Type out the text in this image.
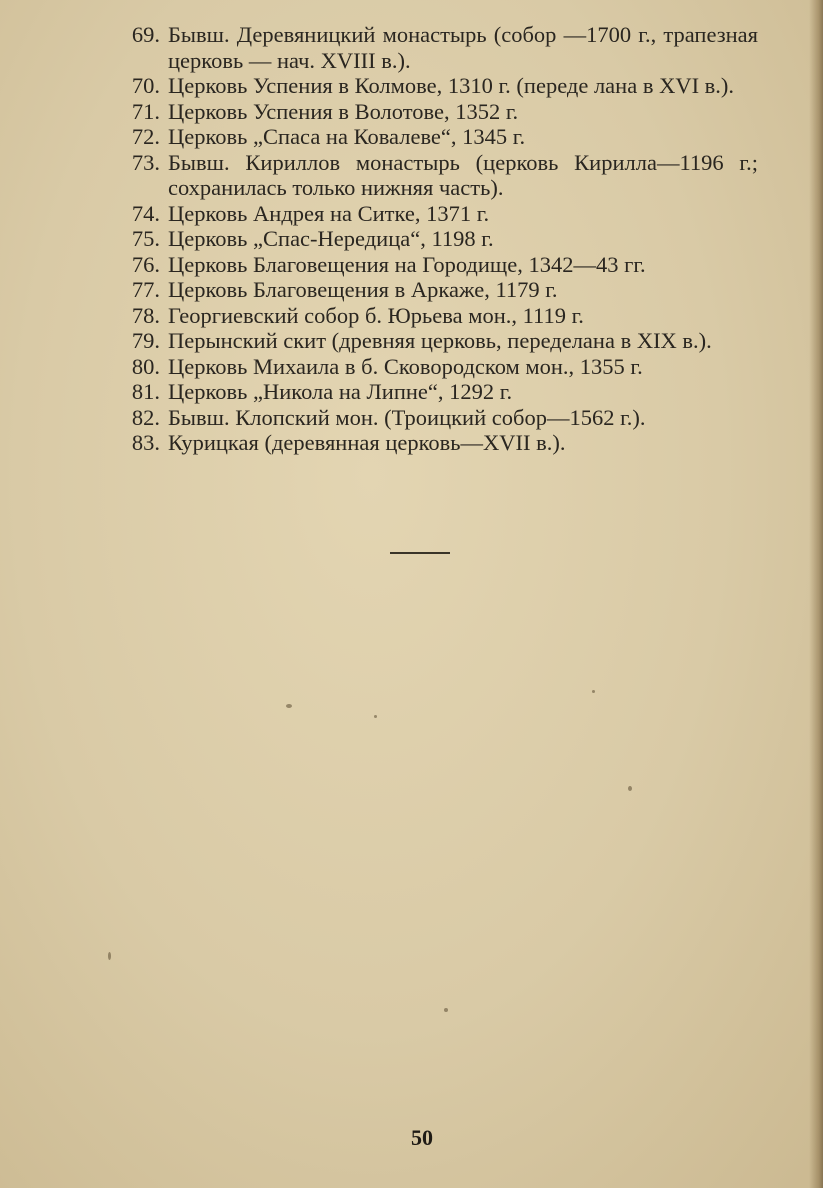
69. Бывш. Деревяницкий монастырь (собор —1700 г., трапезная церковь — нач. XVIII в.).
70. Церковь Успения в Колмове, 1310 г. (переде лана в XVI в.).
71. Церковь Успения в Волотове, 1352 г.
72. Церковь „Спаса на Ковалеве“, 1345 г.
73. Бывш. Кириллов монастырь (церковь Кирилла—1196 г.; сохранилась только нижняя часть).
74. Церковь Андрея на Ситке, 1371 г.
75. Церковь „Спас-Нередица“, 1198 г.
76. Церковь Благовещения на Городище, 1342—43 гг.
77. Церковь Благовещения в Аркаже, 1179 г.
78. Георгиевский собор б. Юрьева мон., 1119 г.
79. Перынский скит (древняя церковь, переделана в XIX в.).
80. Церковь Михаила в б. Сковородском мон., 1355 г.
81. Церковь „Никола на Липне“, 1292 г.
82. Бывш. Клопский мон. (Троицкий собор—1562 г.).
83. Курицкая (деревянная церковь—XVII в.).
50
